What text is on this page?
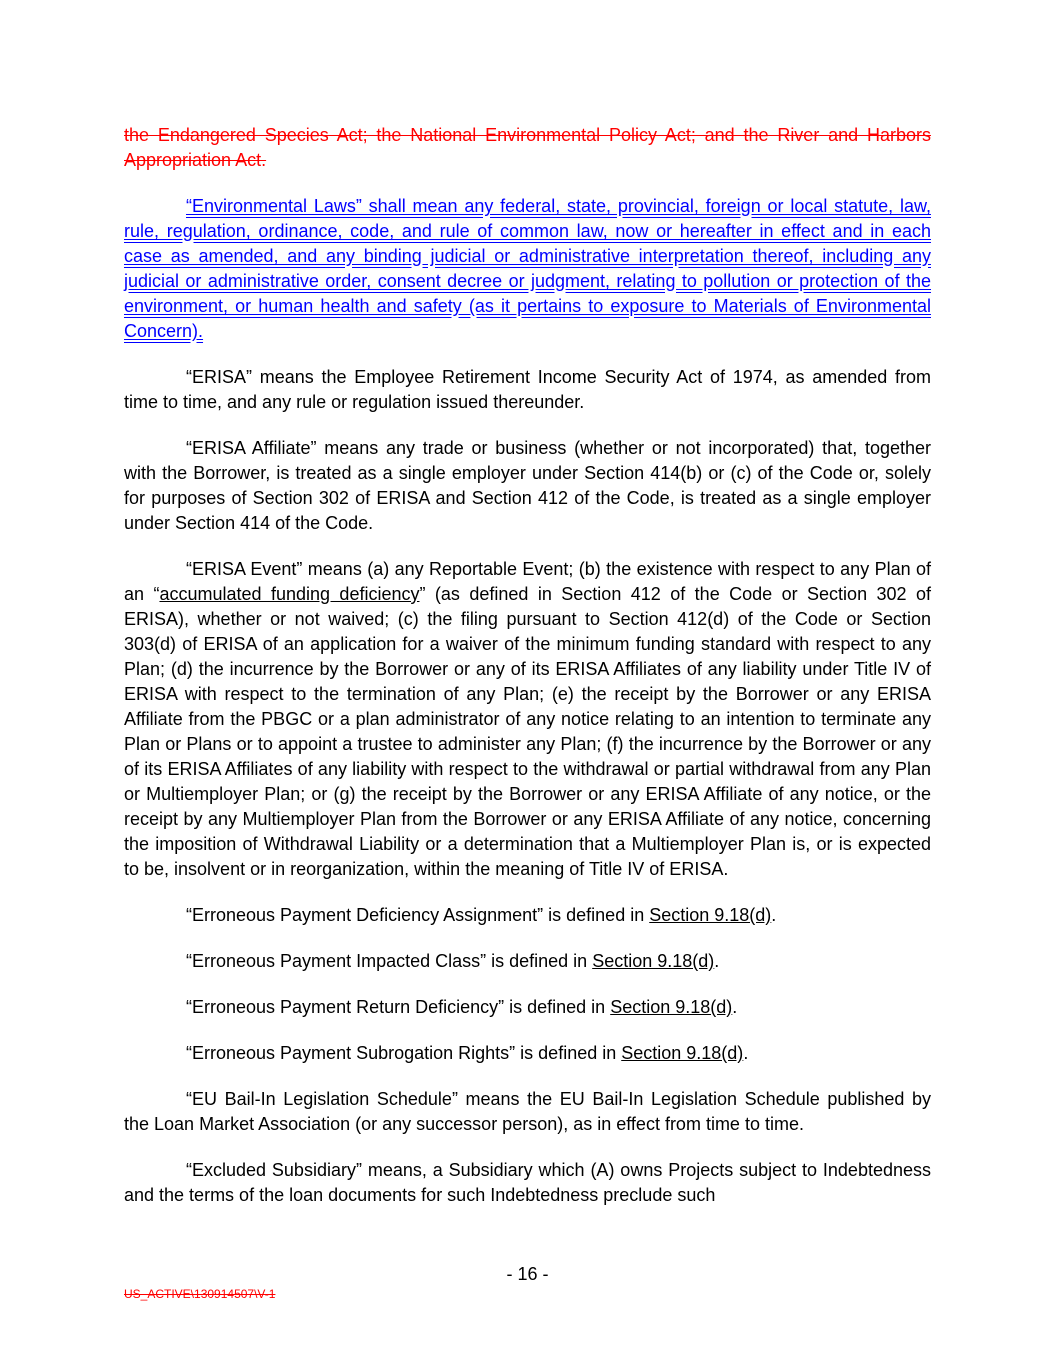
the Endangered Species Act; the National Environmental Policy Act; and the River and Harbors Appropriation Act.

“Environmental Laws” shall mean any federal, state, provincial, foreign or local statute, law, rule, regulation, ordinance, code, and rule of common law, now or hereafter in effect and in each case as amended, and any binding judicial or administrative interpretation thereof, including any judicial or administrative order, consent decree or judgment, relating to pollution or protection of the environment, or human health and safety (as it pertains to exposure to Materials of Environmental Concern).

“ERISA” means the Employee Retirement Income Security Act of 1974, as amended from time to time, and any rule or regulation issued thereunder.

“ERISA Affiliate” means any trade or business (whether or not incorporated) that, together with the Borrower, is treated as a single employer under Section 414(b) or (c) of the Code or, solely for purposes of Section 302 of ERISA and Section 412 of the Code, is treated as a single employer under Section 414 of the Code.

“ERISA Event” means (a) any Reportable Event; (b) the existence with respect to any Plan of an “accumulated funding deficiency” (as defined in Section 412 of the Code or Section 302 of ERISA), whether or not waived; (c) the filing pursuant to Section 412(d) of the Code or Section 303(d) of ERISA of an application for a waiver of the minimum funding standard with respect to any Plan; (d) the incurrence by the Borrower or any of its ERISA Affiliates of any liability under Title IV of ERISA with respect to the termination of any Plan; (e) the receipt by the Borrower or any ERISA Affiliate from the PBGC or a plan administrator of any notice relating to an intention to terminate any Plan or Plans or to appoint a trustee to administer any Plan; (f) the incurrence by the Borrower or any of its ERISA Affiliates of any liability with respect to the withdrawal or partial withdrawal from any Plan or Multiemployer Plan; or (g) the receipt by the Borrower or any ERISA Affiliate of any notice, or the receipt by any Multiemployer Plan from the Borrower or any ERISA Affiliate of any notice, concerning the imposition of Withdrawal Liability or a determination that a Multiemployer Plan is, or is expected to be, insolvent or in reorganization, within the meaning of Title IV of ERISA.

“Erroneous Payment Deficiency Assignment” is defined in Section 9.18(d).

“Erroneous Payment Impacted Class” is defined in Section 9.18(d).

“Erroneous Payment Return Deficiency” is defined in Section 9.18(d).

“Erroneous Payment Subrogation Rights” is defined in Section 9.18(d).

“EU Bail-In Legislation Schedule” means the EU Bail-In Legislation Schedule published by the Loan Market Association (or any successor person), as in effect from time to time.

“Excluded Subsidiary” means, a Subsidiary which (A) owns Projects subject to Indebtedness and the terms of the loan documents for such Indebtedness preclude such

- 16 -
US_ACTIVE\130914507\V-1
